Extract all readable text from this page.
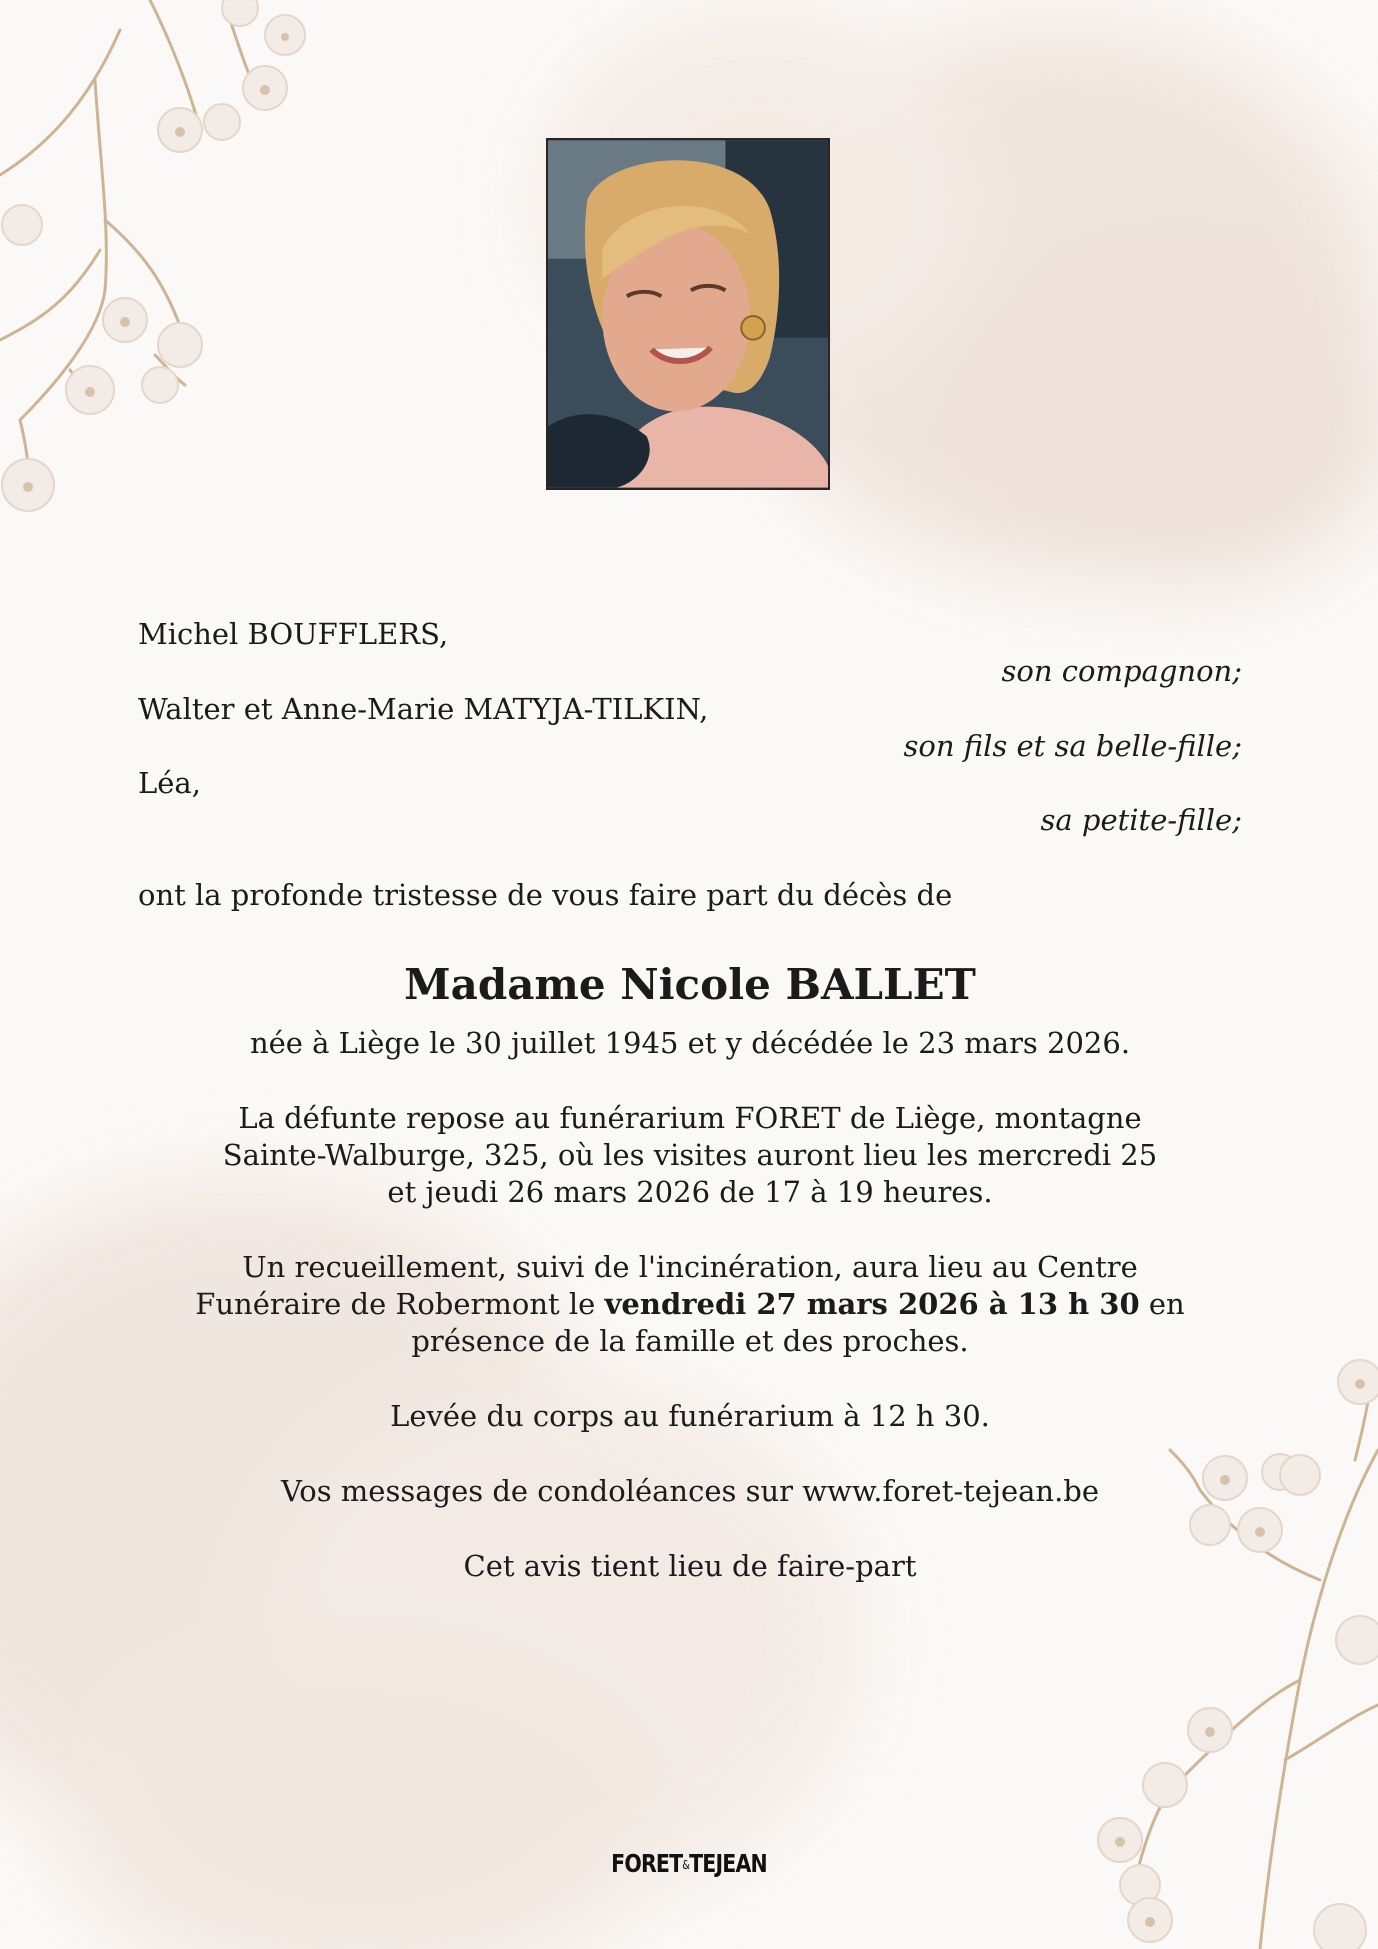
Michel BOUFFLERS,
son compagnon;
Walter et Anne-Marie MATYJA-TILKIN,
son fils et sa belle-fille;
Léa,
sa petite-fille;
ont la profonde tristesse de vous faire part du décès de
Madame Nicole BALLET
née à Liège le 30 juillet 1945 et y décédée le 23 mars 2026.
La défunte repose au funérarium FORET de Liège, montagne
Sainte-Walburge, 325, où les visites auront lieu les mercredi 25
et jeudi 26 mars 2026 de 17 à 19 heures.
Un recueillement, suivi de l'incinération, aura lieu au Centre
Funéraire de Robermont le vendredi 27 mars 2026 à 13 h 30 en
présence de la famille et des proches.
Levée du corps au funérarium à 12 h 30.
Vos messages de condoléances sur www.foret-tejean.be
Cet avis tient lieu de faire-part
FORET&TEJEAN
